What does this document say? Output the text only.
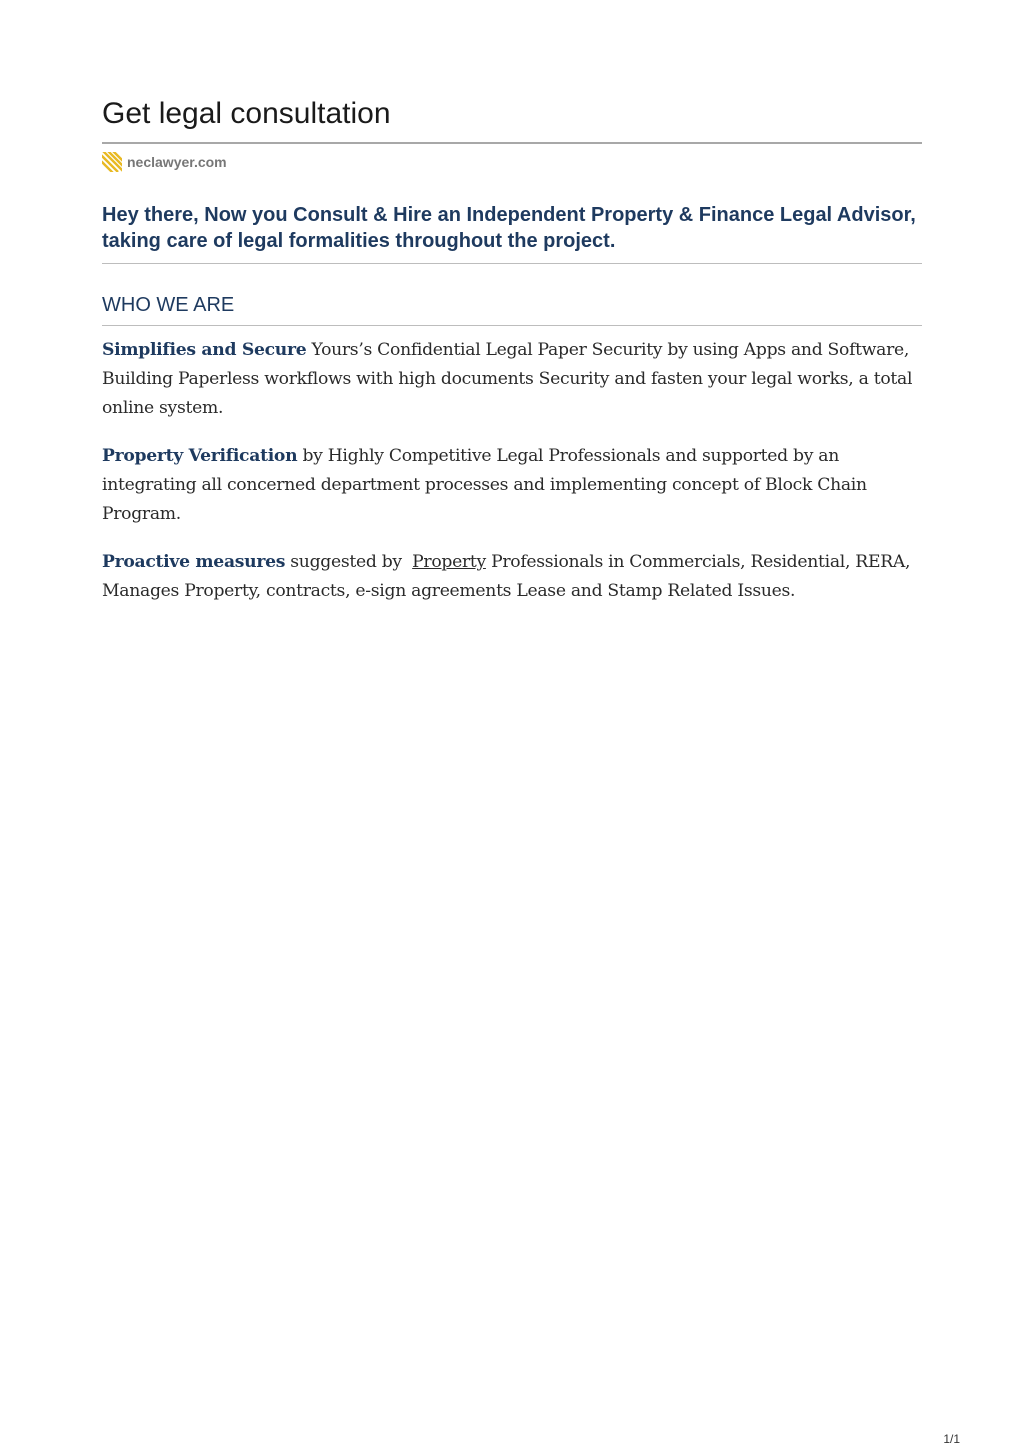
Get legal consultation
neclawyer.com

Hey there, Now you Consult & Hire an Independent Property & Finance Legal Advisor, taking care of legal formalities throughout the project.

WHO WE ARE

Simplifies and Secure Yours’s Confidential Legal Paper Security by using Apps and Software, Building Paperless workflows with high documents Security and fasten your legal works, a total online system.

Property Verification by Highly Competitive Legal Professionals and supported by an integrating all concerned department processes and implementing concept of Block Chain Program.

Proactive measures suggested by  Property Professionals in Commercials, Residential, RERA, Manages Property, contracts, e-sign agreements Lease and Stamp Related Issues.

1/1
